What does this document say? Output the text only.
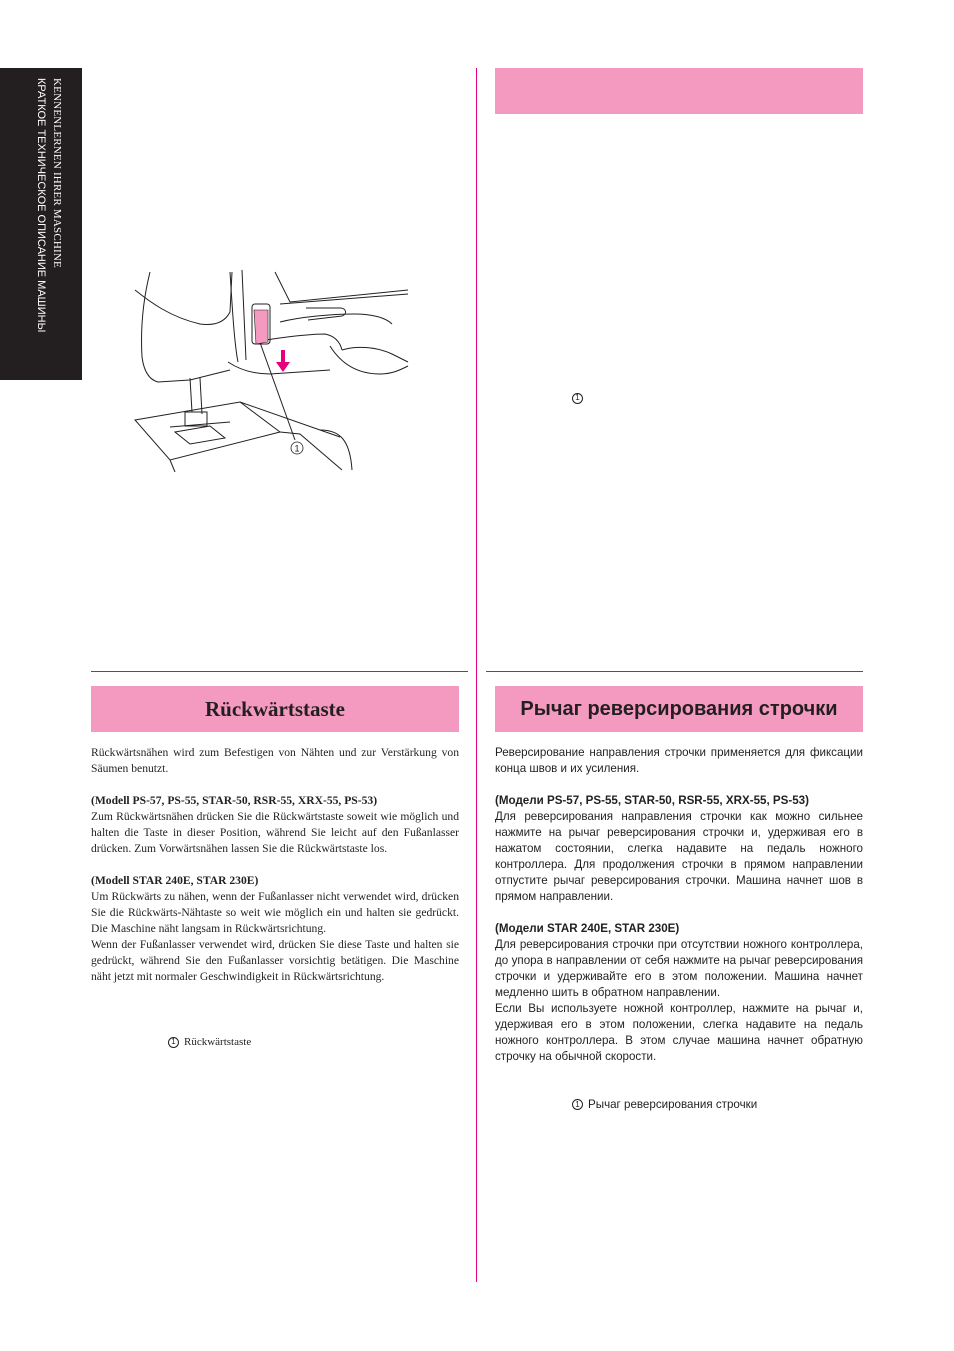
KENNENLERNEN IHRER MASCHINE
КРАТКОЕ ТЕХНИЧЕСКОЕ ОПИСАНИЕ МАШИНЫ
1
1
Rückwärtstaste	Рычаг реверсирования строчки

Rückwärtsnähen wird zum Befestigen von Nähten und zur Verstärkung von Säumen benutzt.

(Modell PS-57, PS-55, STAR-50, RSR-55, XRX-55, PS-53)

Zum Rückwärtsnähen drücken Sie die Rückwärtstaste soweit wie möglich und halten die Taste in dieser Position, während Sie leicht auf den Fußanlasser drücken. Zum Vorwärtsnähen lassen Sie die Rückwärtstaste los.

(Modell STAR 240E, STAR 230E)

Um Rückwärts zu nähen, wenn der Fußanlasser nicht verwendet wird, drücken Sie die Rückwärts-Nähtaste so weit wie möglich ein und halten sie gedrückt. Die Maschine näht langsam in Rückwärtsrichtung.

Wenn der Fußanlasser verwendet wird, drücken Sie diese Taste und halten sie gedrückt, während Sie den Fußanlasser vorsichtig betätigen. Die Maschine näht jetzt mit normaler Geschwindigkeit in Rückwärtsrichtung.

1 Rückwärtstaste

Реверсирование направления строчки применяется для фиксации конца швов и их усиления.

(Модели PS-57, PS-55, STAR-50, RSR-55, XRX-55, PS-53)

Для реверсирования направления строчки как можно сильнее нажмите на рычаг реверсирования строчки и, удерживая его в нажатом состоянии, слегка надавите на педаль ножного контроллера. Для продолжения строчки в прямом направлении отпустите рычаг реверсирования строчки. Машина начнет шов в прямом направлении.

(Модели STAR 240E, STAR 230E)

Для реверсирования строчки при отсутствии ножного контроллера, до упора в направлении от себя нажмите на рычаг реверсирования строчки и удерживайте его в этом положении. Машина начнет медленно шить в обратном направлении.

Если Вы используете ножной контроллер, нажмите на рычаг и, удерживая его в этом положении, слегка надавите на педаль ножного контроллера. В этом случае машина начнет обратную строчку на обычной скорости.

1 Рычаг реверсирования строчки
